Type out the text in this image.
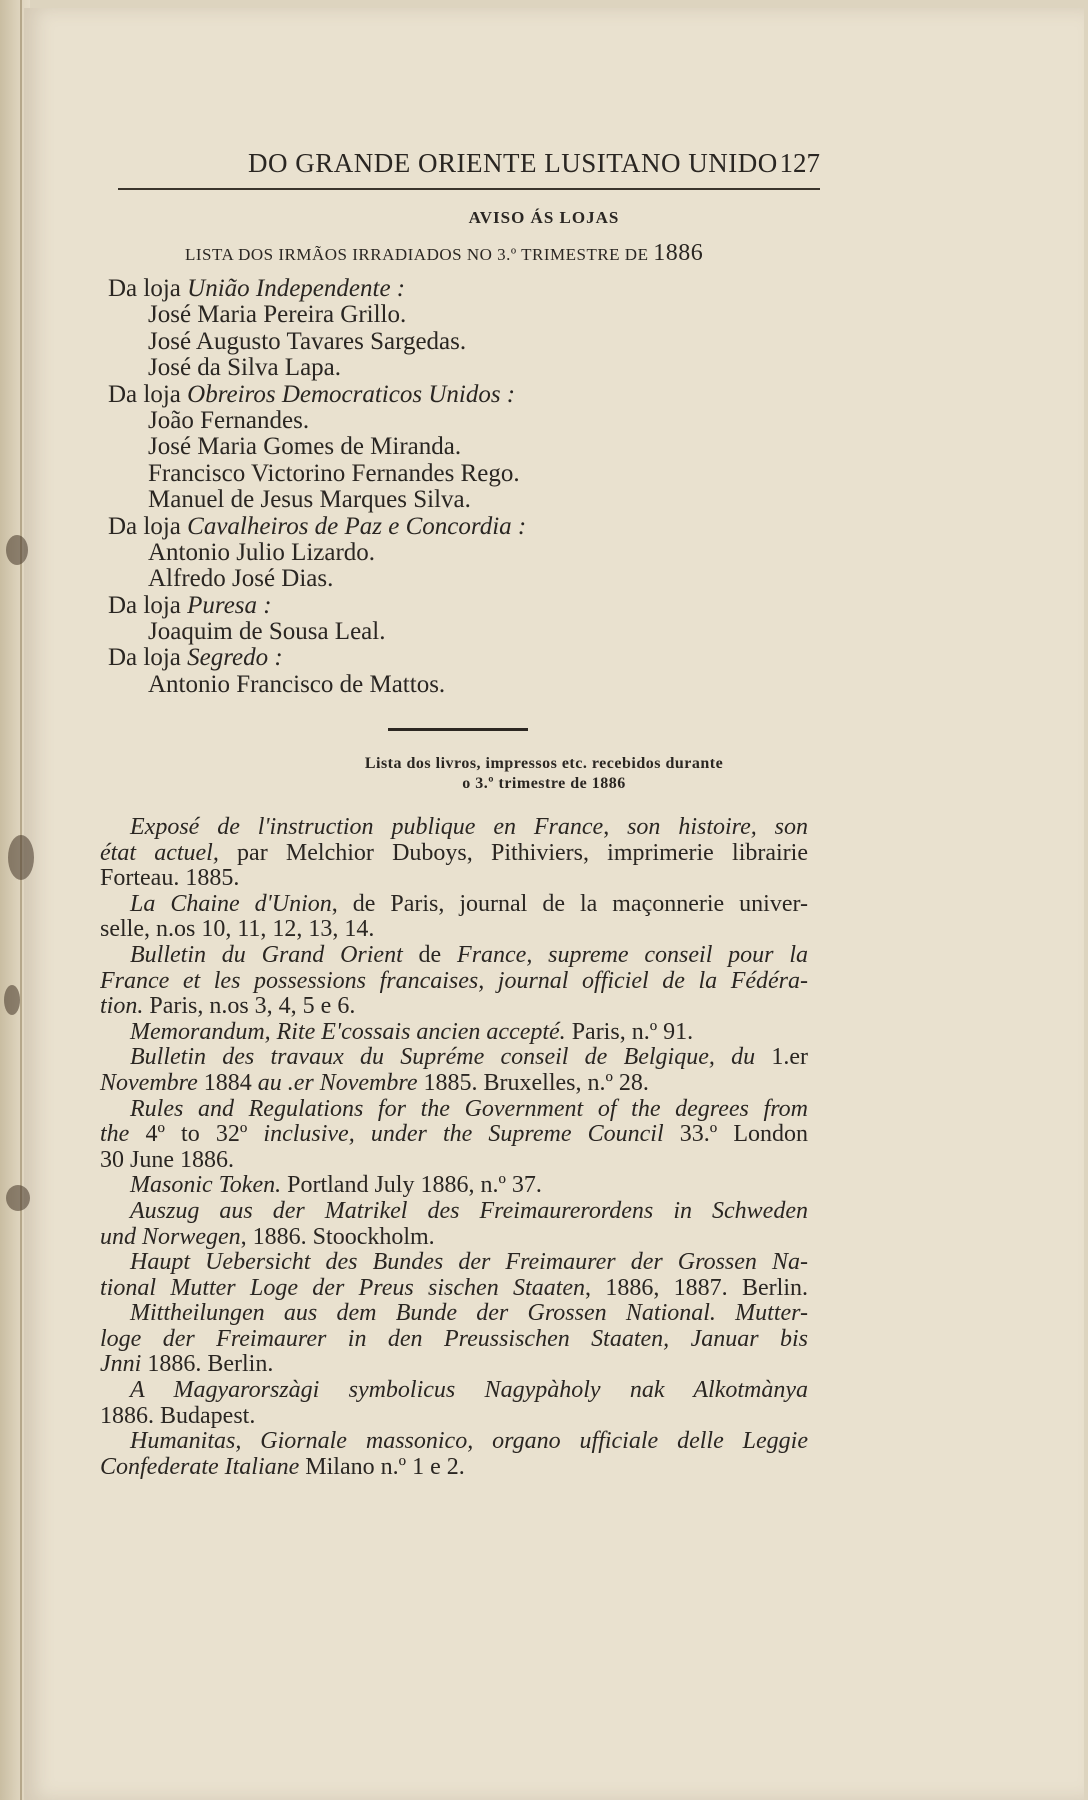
DO GRANDE ORIENTE LUSITANO UNIDO 127
AVISO ÁS LOJAS
LISTA DOS IRMÃOS IRRADIADOS NO 3.º TRIMESTRE DE 1886
Da loja União Independente :
José Maria Pereira Grillo.
José Augusto Tavares Sargedas.
José da Silva Lapa.
Da loja Obreiros Democraticos Unidos :
João Fernandes.
José Maria Gomes de Miranda.
Francisco Victorino Fernandes Rego.
Manuel de Jesus Marques Silva.
Da loja Cavalheiros de Paz e Concordia :
Antonio Julio Lizardo.
Alfredo José Dias.
Da loja Puresa :
Joaquim de Sousa Leal.
Da loja Segredo :
Antonio Francisco de Mattos.
Lista dos livros, impressos etc. recebidos durante
o 3.º trimestre de 1886
Exposé de l'instruction publique en France, son histoire, son
état actuel, par Melchior Duboys, Pithiviers, imprimerie librairie
Forteau. 1885.
La Chaine d'Union, de Paris, journal de la maçonnerie univer-
selle, n.os 10, 11, 12, 13, 14.
Bulletin du Grand Orient de France, supreme conseil pour la
France et les possessions francaises, journal officiel de la Fédéra-
tion. Paris, n.os 3, 4, 5 e 6.
Memorandum, Rite E'cossais ancien accepté. Paris, n.º 91.
Bulletin des travaux du Supréme conseil de Belgique, du 1.er
Novembre 1884 au .er Novembre 1885. Bruxelles, n.º 28.
Rules and Regulations for the Government of the degrees from
the 4º to 32º inclusive, under the Supreme Council 33.º London
30 June 1886.
Masonic Token. Portland July 1886, n.º 37.
Auszug aus der Matrikel des Freimaurerordens in Schweden
und Norwegen, 1886. Stoockholm.
Haupt Uebersicht des Bundes der Freimaurer der Grossen Na-
tional Mutter Loge der Preus sischen Staaten, 1886, 1887. Berlin.
Mittheilungen aus dem Bunde der Grossen National. Mutter-
loge der Freimaurer in den Preussischen Staaten, Januar bis
Jnni 1886. Berlin.
A Magyarorszàgi symbolicus Nagypàholy nak Alkotmànya
1886. Budapest.
Humanitas, Giornale massonico, organo ufficiale delle Leggie
Confederate Italiane Milano n.º 1 e 2.
